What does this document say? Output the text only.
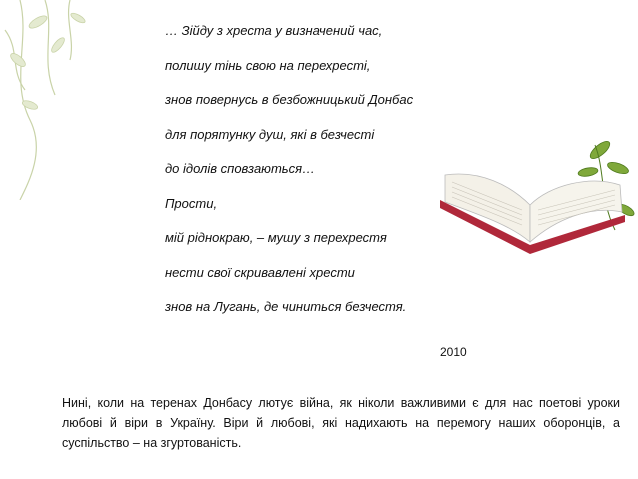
… Зійду з хреста у визначений час,
полишу тінь свою на перехресті,
знов повернусь в безбожницький Донбас
для порятунку душ, які в безчесті
до ідолів сповзаються…
Прости,
мій ріднокраю, – мушу з перехрестя
нести свої скривавлені хрести
знов на Лугань, де чиниться безчестя.
2010
Нині, коли на теренах Донбасу лютує війна, як ніколи важливими є для нас поетові уроки любові й віри в Україну. Віри й любові, які надихають на перемогу наших оборонців, а суспільство – на згуртованість.
